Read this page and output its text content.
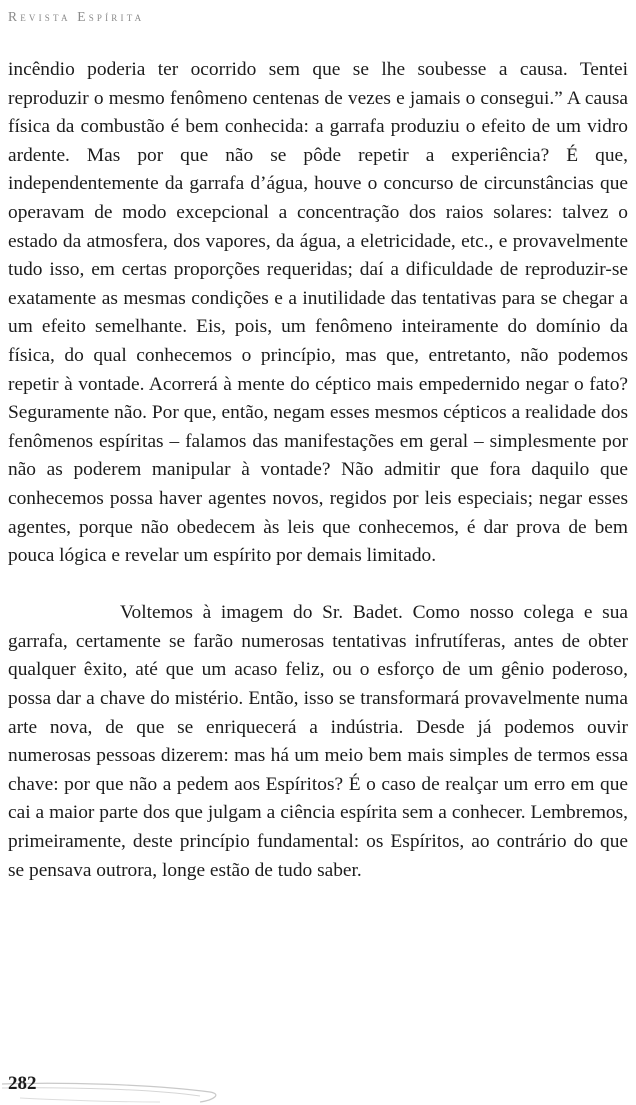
Revista Espírita

incêndio poderia ter ocorrido sem que se lhe soubesse a causa. Tentei reproduzir o mesmo fenômeno centenas de vezes e jamais o consegui.” A causa física da combustão é bem conhecida: a garrafa produziu o efeito de um vidro ardente. Mas por que não se pôde repetir a experiência? É que, independentemente da garrafa d’água, houve o concurso de circunstâncias que operavam de modo excepcional a concentração dos raios solares: talvez o estado da atmosfera, dos vapores, da água, a eletricidade, etc., e provavelmente tudo isso, em certas proporções requeridas; daí a dificuldade de reproduzir-se exatamente as mesmas condições e a inutilidade das tentativas para se chegar a um efeito semelhante. Eis, pois, um fenômeno inteiramente do domínio da física, do qual conhecemos o princípio, mas que, entretanto, não podemos repetir à vontade. Acorrerá à mente do céptico mais empedernido negar o fato? Seguramente não. Por que, então, negam esses mesmos cépticos a realidade dos fenômenos espíritas – falamos das manifestações em geral – simplesmente por não as poderem manipular à vontade? Não admitir que fora daquilo que conhecemos possa haver agentes novos, regidos por leis especiais; negar esses agentes, porque não obedecem às leis que conhecemos, é dar prova de bem pouca lógica e revelar um espírito por demais limitado.

Voltemos à imagem do Sr. Badet. Como nosso colega e sua garrafa, certamente se farão numerosas tentativas infrutíferas, antes de obter qualquer êxito, até que um acaso feliz, ou o esforço de um gênio poderoso, possa dar a chave do mistério. Então, isso se transformará provavelmente numa arte nova, de que se enriquecerá a indústria. Desde já podemos ouvir numerosas pessoas dizerem: mas há um meio bem mais simples de termos essa chave: por que não a pedem aos Espíritos? É o caso de realçar um erro em que cai a maior parte dos que julgam a ciência espírita sem a conhecer. Lembremos, primeiramente, deste princípio fundamental: os Espíritos, ao contrário do que se pensava outrora, longe estão de tudo saber.

282
